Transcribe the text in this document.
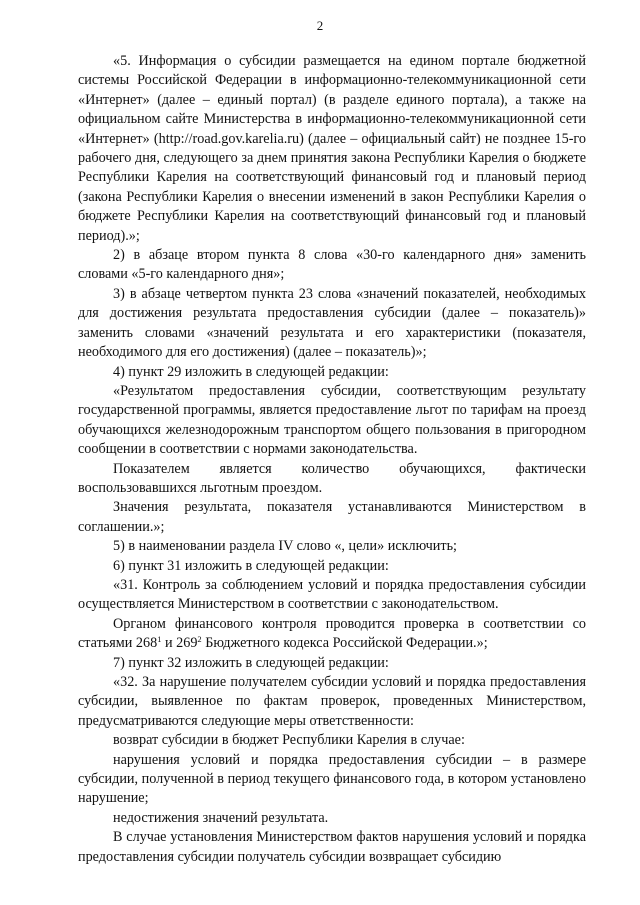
2

«5. Информация о субсидии размещается на едином портале бюджетной системы Российской Федерации в информационно-телекоммуникационной сети «Интернет» (далее – единый портал) (в разделе единого портала), а также на официальном сайте Министерства в информационно-телекоммуникационной сети «Интернет» (http://road.gov.karelia.ru) (далее – официальный сайт) не позднее 15-го рабочего дня, следующего за днем принятия закона Республики Карелия о бюджете Республики Карелия на соответствующий финансовый год и плановый период (закона Республики Карелия о внесении изменений в закон Республики Карелия о бюджете Республики Карелия на соответствующий финансовый год и плановый период).»;

2) в абзаце втором пункта 8 слова «30-го календарного дня» заменить словами «5-го календарного дня»;

3) в абзаце четвертом пункта 23 слова «значений показателей, необходимых для достижения результата предоставления субсидии (далее – показатель)» заменить словами «значений результата и его характеристики (показателя, необходимого для его достижения) (далее – показатель)»;

4) пункт 29 изложить в следующей редакции:

«Результатом предоставления субсидии, соответствующим результату государственной программы, является предоставление льгот по тарифам на проезд обучающихся железнодорожным транспортом общего пользования в пригородном сообщении в соответствии с нормами законодательства.

Показателем является количество обучающихся, фактически воспользовавшихся льготным проездом.

Значения результата, показателя устанавливаются Министерством в соглашении.»;

5) в наименовании раздела IV слово «, цели» исключить;

6) пункт 31 изложить в следующей редакции:

«31. Контроль за соблюдением условий и порядка предоставления субсидии осуществляется Министерством в соответствии с законодательством.

Органом финансового контроля проводится проверка в соответствии со статьями $268^1$ и $269^2$ Бюджетного кодекса Российской Федерации.»;

7) пункт 32 изложить в следующей редакции:

«32. За нарушение получателем субсидии условий и порядка предоставления субсидии, выявленное по фактам проверок, проведенных Министерством, предусматриваются следующие меры ответственности:

возврат субсидии в бюджет Республики Карелия в случае:

нарушения условий и порядка предоставления субсидии – в размере субсидии, полученной в период текущего финансового года, в котором установлено нарушение;

недостижения значений результата.

В случае установления Министерством фактов нарушения условий и порядка предоставления субсидии получатель субсидии возвращает субсидию
